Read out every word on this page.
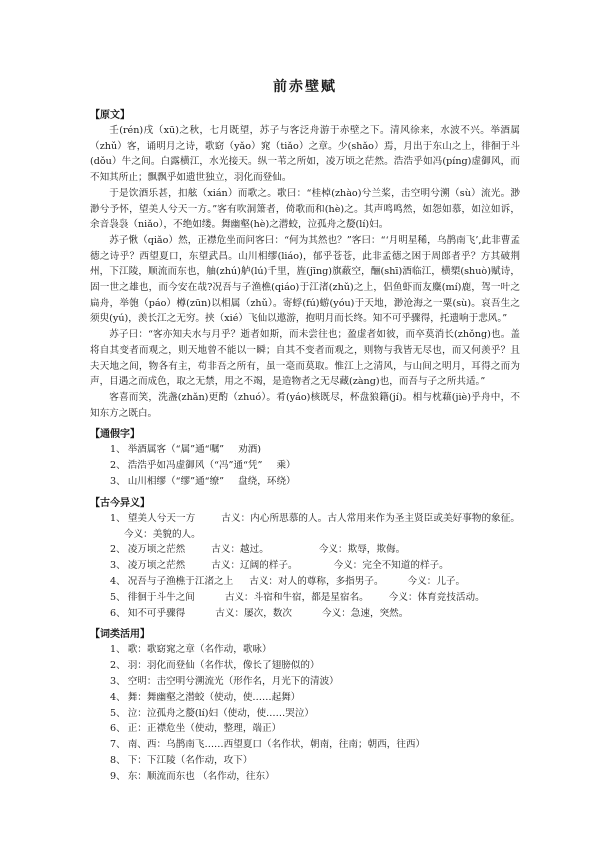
前赤壁赋
【原文】

壬(rén)戌（xū)之秋，七月既望，苏子与客泛舟游于赤壁之下。清风徐来，水波不兴。举酒属（zhǔ）客，诵明月之诗，歌窈（yǎo）窕（tiǎo）之章。少(shǎo）焉，月出于东山之上，徘徊于斗(dǒu）牛之间。白露横江，水光接天。纵一苇之所如，凌万顷之茫然。浩浩乎如冯(píng)虚御风，而不知其所止；飘飘乎如遗世独立，羽化而登仙。

于是饮酒乐甚，扣舷（xián）而歌之。歌曰：“桂棹(zhào)兮兰桨，击空明兮溯（sù）流光。渺渺兮予怀，望美人兮天一方。”客有吹洞箫者，倚歌而和(hè)之。其声鸣鸣然，如怨如慕，如泣如诉，余音袅袅（niǎo），不绝如缕。舞幽壑(hè)之潜蛟，泣孤舟之嫠(lí)妇。

苏子愀（qiǎo）然，正襟危坐而问客曰：“何为其然也？”客曰：“‘月明星稀，乌鹊南飞’,此非曹孟德之诗乎？西望夏口，东望武昌。山川相缪(liáo)，郁乎苍苍，此非孟德之困于周郎者乎？方其破荆州，下江陵，顺流而东也，舳(zhú)舻(lú)千里，旌(jīng)旗蔽空，酾(shī)酒临江，横槊(shuò)赋诗，固一世之雄也，而今安在哉?况吾与子渔樵(qiáo)于江渚(zhǔ)之上，侣鱼虾而友麋(mí)鹿，驾一叶之扁舟，举匏（páo）樽(zūn)以相属（zhǔ）。寄蜉(fú)蝣(yóu)于天地，渺沧海之一粟(sù)。哀吾生之须臾(yú)，羡长江之无穷。挟（xié）飞仙以遨游，抱明月而长终。知不可乎骤得，托遗响于悲风。”

苏子曰：“客亦知夫水与月乎？逝者如斯，而未尝往也；盈虚者如彼，而卒莫消长(zhǒng)也。盖将自其变者而观之，则天地曾不能以一瞬；自其不变者而观之，则物与我皆无尽也，而又何羡乎？且夫天地之间，物各有主，苟非吾之所有，虽一毫而莫取。惟江上之清风，与山间之明月，耳得之而为声，目遇之而成色，取之无禁，用之不竭，是造物者之无尽藏(zàng)也，而吾与子之所共适。”

客喜而笑，洗盏(zhǎn)更酌（zhuó）。肴(yáo)核既尽，杯盘狼籍(jí)。相与枕藉(jiè)乎舟中，不知东方之既白。

【通假字】

1、 举酒属客（“属”通“嘱” 劝酒)

2、 浩浩乎如冯虚御风（“冯”通“凭” 乘）

3、 山川相缪（“缪”通“缭” 盘绕，环绕）

【古今异义】

1、 望美人兮天一方	古义：内心所思慕的人。古人常用来作为圣主贤臣或美好事物的象征。今义：美貌的人。

2、 凌万顷之茫然	古义：越过。	今义：欺辱，欺侮。

3、 凌万顷之茫然	古义：辽阔的样子。	今义：完全不知道的样子。

4、 况吾与子渔樵于江渚之上 古义：对人的尊称，多指男子。	今义：儿子。

5、 徘徊于斗牛之间	古义：斗宿和牛宿，都是星宿名。 今义：体育竞技活动。

6、 知不可乎骤得	古义：屡次，数次	今义：急速，突然。

【词类活用】

1、 歌：歌窈窕之章（名作动，歌咏）

2、 羽：羽化而登仙（名作状，像长了翅膀似的）

3、 空明：击空明兮溯流光（形作名，月光下的清波）

4、 舞：舞幽壑之潜蛟（使动，使……起舞）

5、 泣：泣孤舟之嫠(lí)妇（使动，使……哭泣）

6、 正：正襟危坐（使动，整理，端正）

7、 南、西：乌鹊南飞……西望夏口（名作状，朝南，往南；朝西，往西）

8、 下：下江陵（名作动，攻下）

9、 东：顺流而东也 （名作动，往东）
